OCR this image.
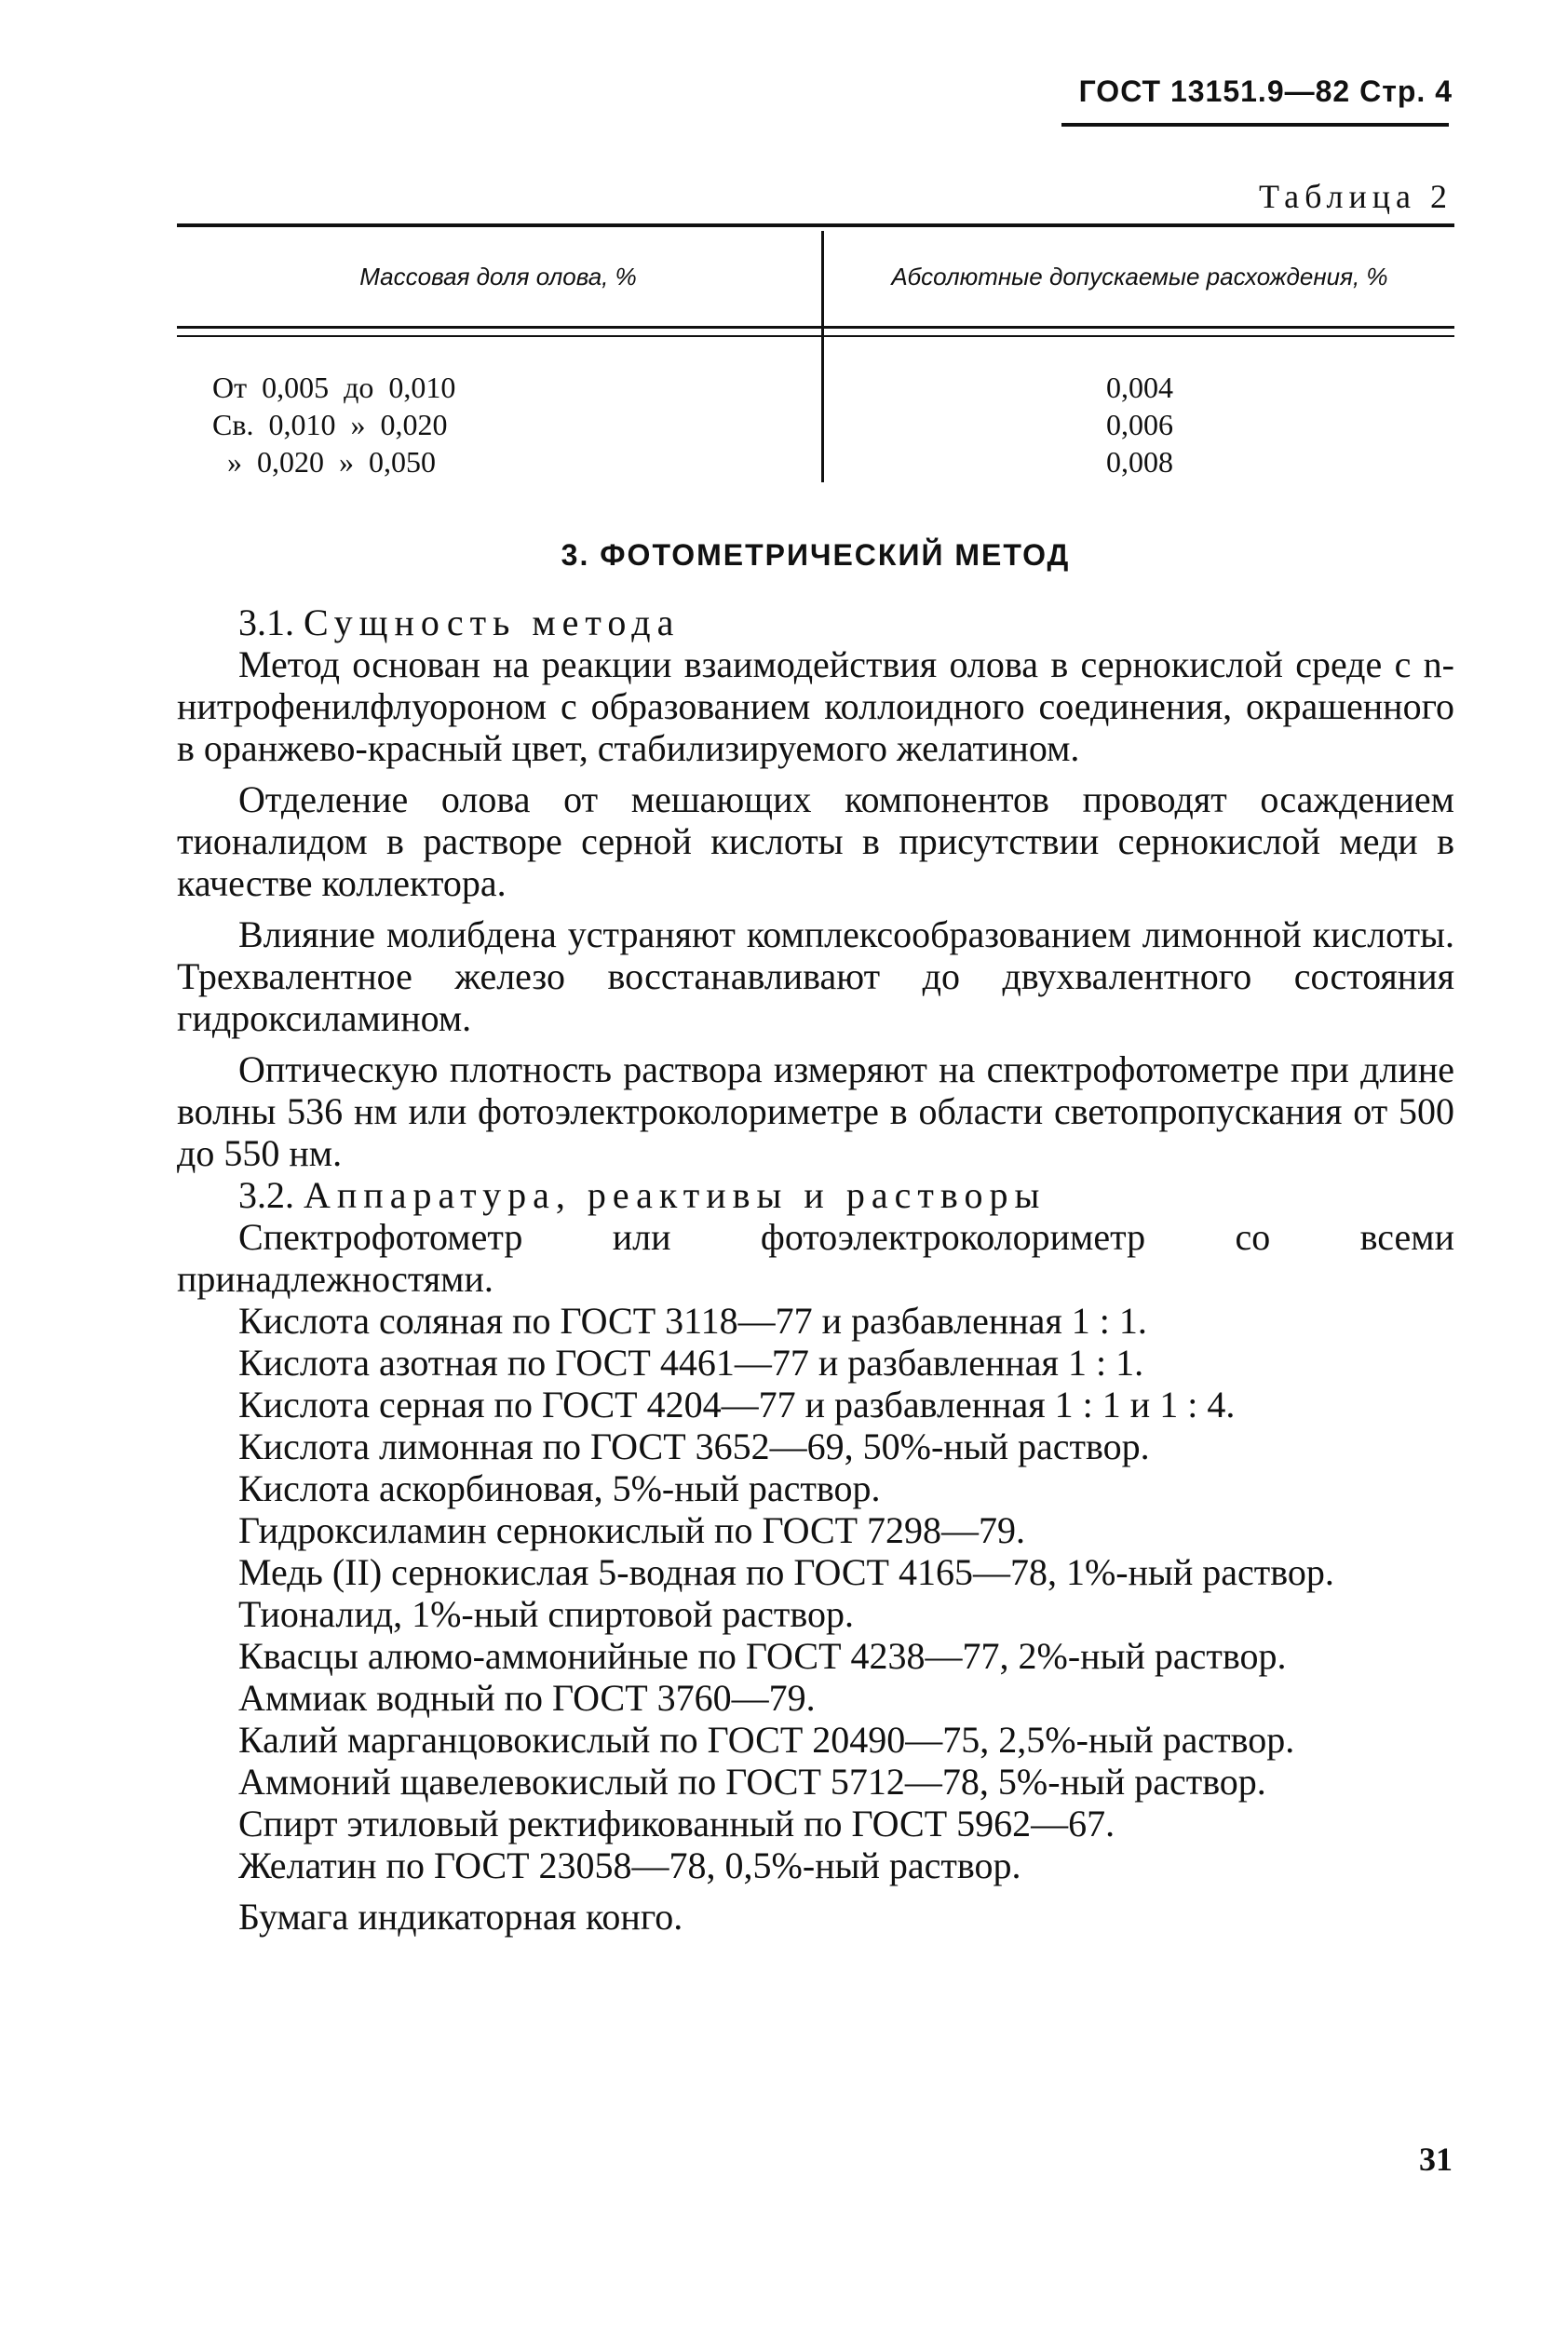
ГОСТ 13151.9—82 Стр. 4
Таблица 2
Массовая доля олова, %	Абсолютные допускаемые расхождения, %
От  0,005  до  0,010
Св.  0,010  »  0,020
»  0,020  »  0,050
0,004
0,006
0,008
3. ФОТОМЕТРИЧЕСКИЙ МЕТОД

3.1. Сущность метода

Метод основан на реакции взаимодействия олова в сернокислой среде с n-нитрофенилфлуороном с образованием коллоидного соединения, окрашенного в оранжево-красный цвет, стабилизируемого желатином.

Отделение олова от мешающих компонентов проводят осаждением тионалидом в растворе серной кислоты в присутствии сернокислой меди в качестве коллектора.

Влияние молибдена устраняют комплексообразованием лимонной кислоты. Трехвалентное железо восстанавливают до двухвалентного состояния гидроксиламином.

Оптическую плотность раствора измеряют на спектрофотометре при длине волны 536 нм или фотоэлектроколориметре в области светопропускания от 500 до 550 нм.

3.2. Аппаратура, реактивы и растворы

Спектрофотометр или фотоэлектроколориметр со всеми принадлежностями.

Кислота соляная по ГОСТ 3118—77 и разбавленная 1 : 1.

Кислота азотная по ГОСТ 4461—77 и разбавленная 1 : 1.

Кислота серная по ГОСТ 4204—77 и разбавленная 1 : 1 и 1 : 4.

Кислота лимонная по ГОСТ 3652—69, 50%-ный раствор.

Кислота аскорбиновая, 5%-ный раствор.

Гидроксиламин сернокислый по ГОСТ 7298—79.

Медь (II) сернокислая 5-водная по ГОСТ 4165—78, 1%-ный раствор.

Тионалид, 1%-ный спиртовой раствор.

Квасцы алюмо-аммонийные по ГОСТ 4238—77, 2%-ный раствор.

Аммиак водный по ГОСТ 3760—79.

Калий марганцовокислый по ГОСТ 20490—75, 2,5%-ный раствор.

Аммоний щавелевокислый по ГОСТ 5712—78, 5%-ный раствор.

Спирт этиловый ректификованный по ГОСТ 5962—67.

Желатин по ГОСТ 23058—78, 0,5%-ный раствор.

Бумага индикаторная конго.

31
